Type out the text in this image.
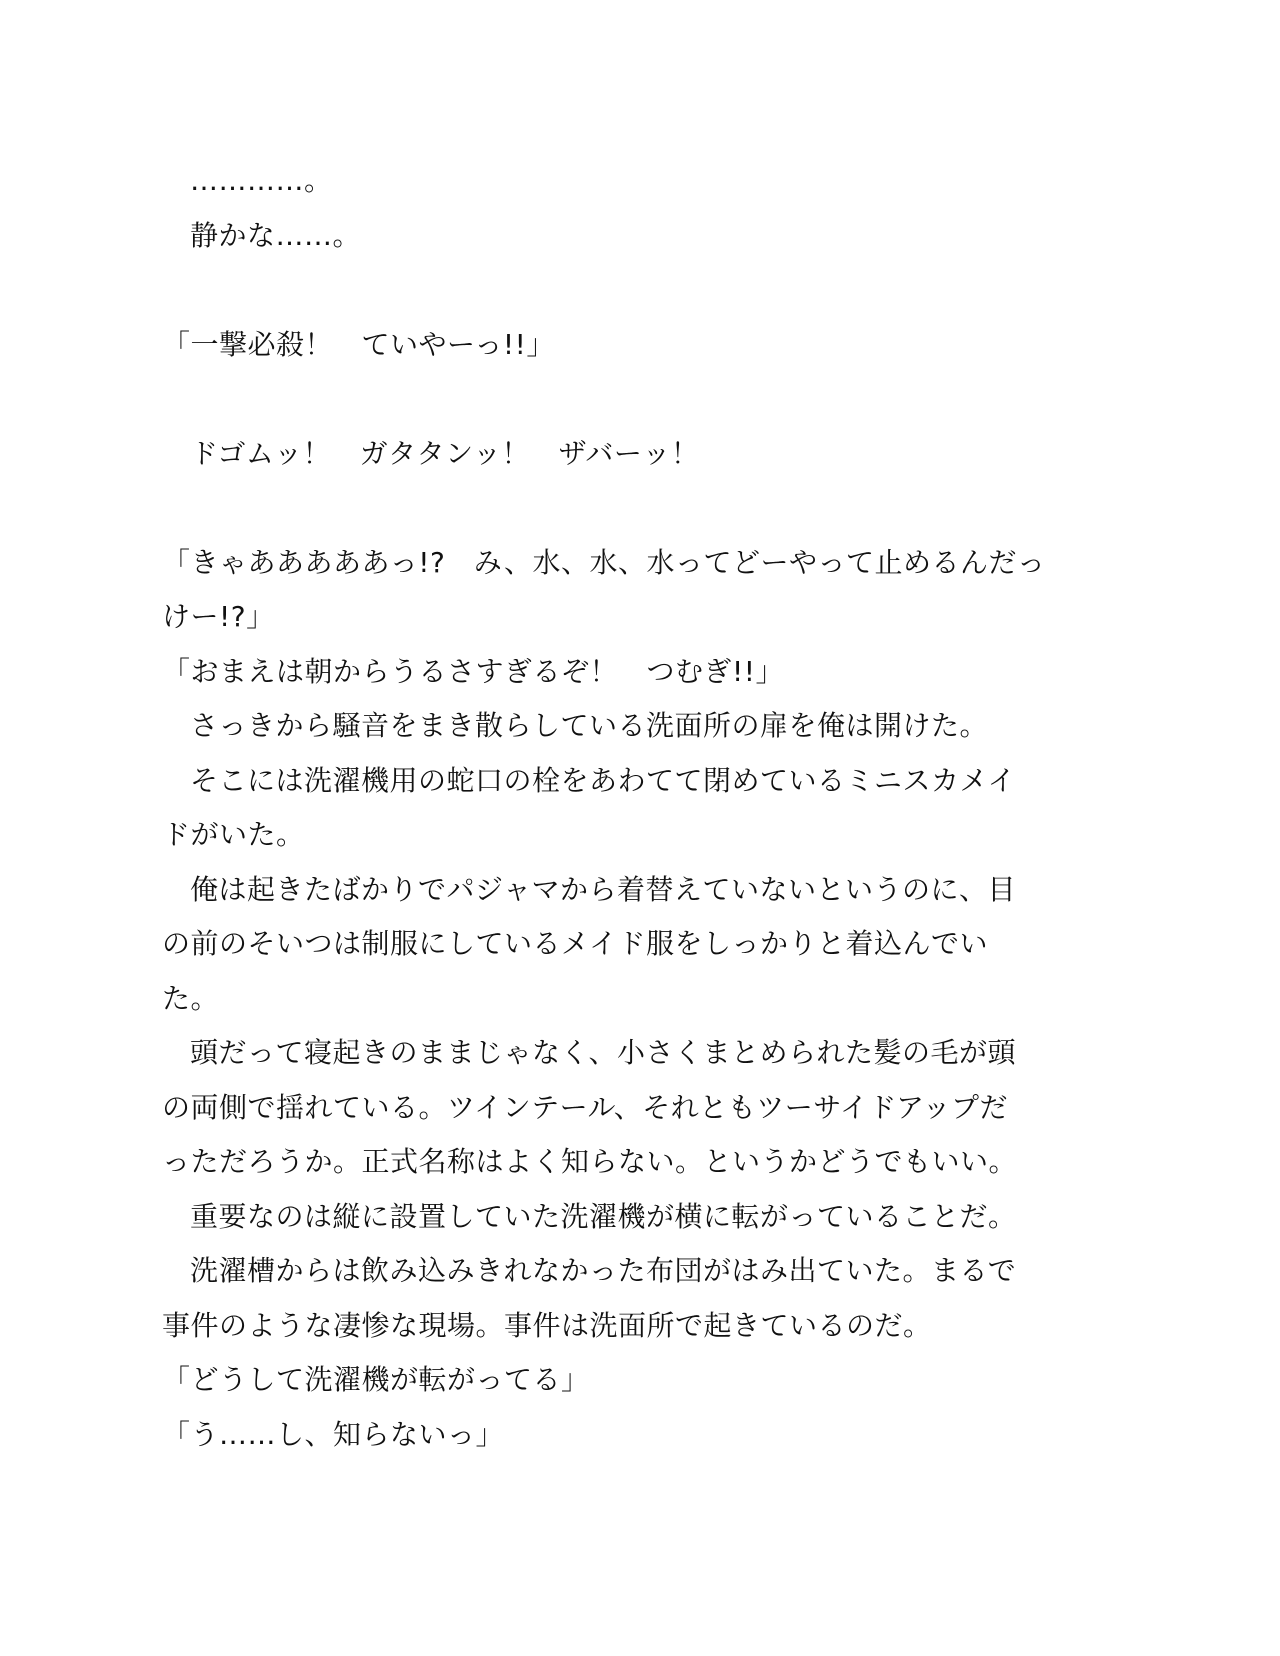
…………。
静かな……。
「一撃必殺！　ていやーっ!!」
ドゴムッ！　ガタタンッ！　ザバーッ！
「きゃあああああっ!?　み、水、水、水ってどーやって止めるんだっ
けー!?」
「おまえは朝からうるさすぎるぞ！　つむぎ!!」
さっきから騒音をまき散らしている洗面所の扉を俺は開けた。
そこには洗濯機用の蛇口の栓をあわてて閉めているミニスカメイ
ドがいた。
俺は起きたばかりでパジャマから着替えていないというのに、目
の前のそいつは制服にしているメイド服をしっかりと着込んでい
た。
頭だって寝起きのままじゃなく、小さくまとめられた髪の毛が頭
の両側で揺れている。ツインテール、それともツーサイドアップだ
っただろうか。正式名称はよく知らない。というかどうでもいい。
重要なのは縦に設置していた洗濯機が横に転がっていることだ。
洗濯槽からは飲み込みきれなかった布団がはみ出ていた。まるで
事件のような凄惨な現場。事件は洗面所で起きているのだ。
「どうして洗濯機が転がってる」
「う……し、知らないっ」
